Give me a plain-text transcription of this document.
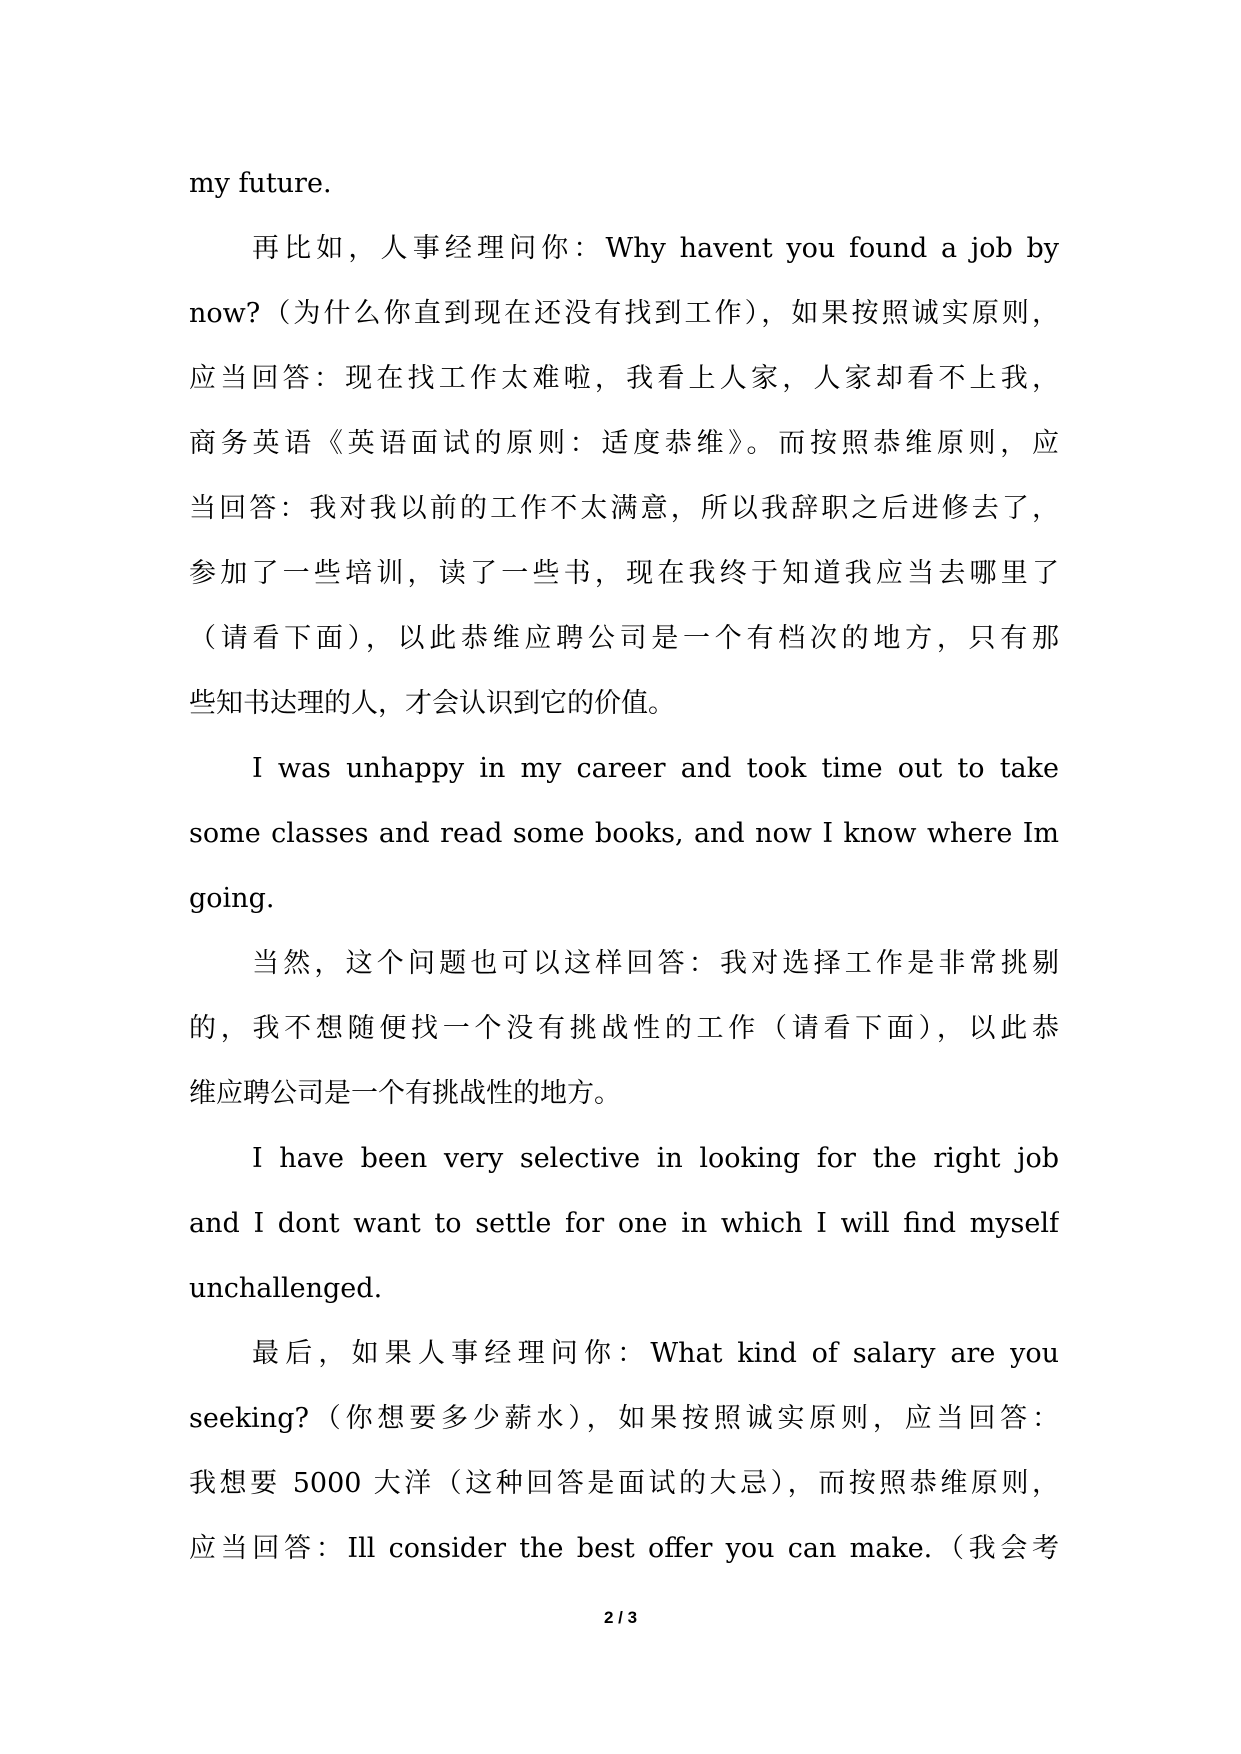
my future.
再比如，人事经理问你：Why havent you found a job by
now?（为什么你直到现在还没有找到工作），如果按照诚实原则，
应当回答：现在找工作太难啦，我看上人家，人家却看不上我，
商务英语《英语面试的原则：适度恭维》。而按照恭维原则，应
当回答：我对我以前的工作不太满意，所以我辞职之后进修去了，
参加了一些培训，读了一些书，现在我终于知道我应当去哪里了
（请看下面），以此恭维应聘公司是一个有档次的地方，只有那
些知书达理的人，才会认识到它的价值。
I was unhappy in my career and took time out to take
some classes and read some books, and now I know where Im
going.
当然，这个问题也可以这样回答：我对选择工作是非常挑剔
的，我不想随便找一个没有挑战性的工作（请看下面），以此恭
维应聘公司是一个有挑战性的地方。
I have been very selective in looking for the right job
and I dont want to settle for one in which I will find myself
unchallenged.
最后，如果人事经理问你：What kind of salary are you
seeking?（你想要多少薪水），如果按照诚实原则，应当回答：
我想要 5000 大洋（这种回答是面试的大忌），而按照恭维原则，
应当回答：Ill consider the best offer you can make.（我会考
2 / 3
